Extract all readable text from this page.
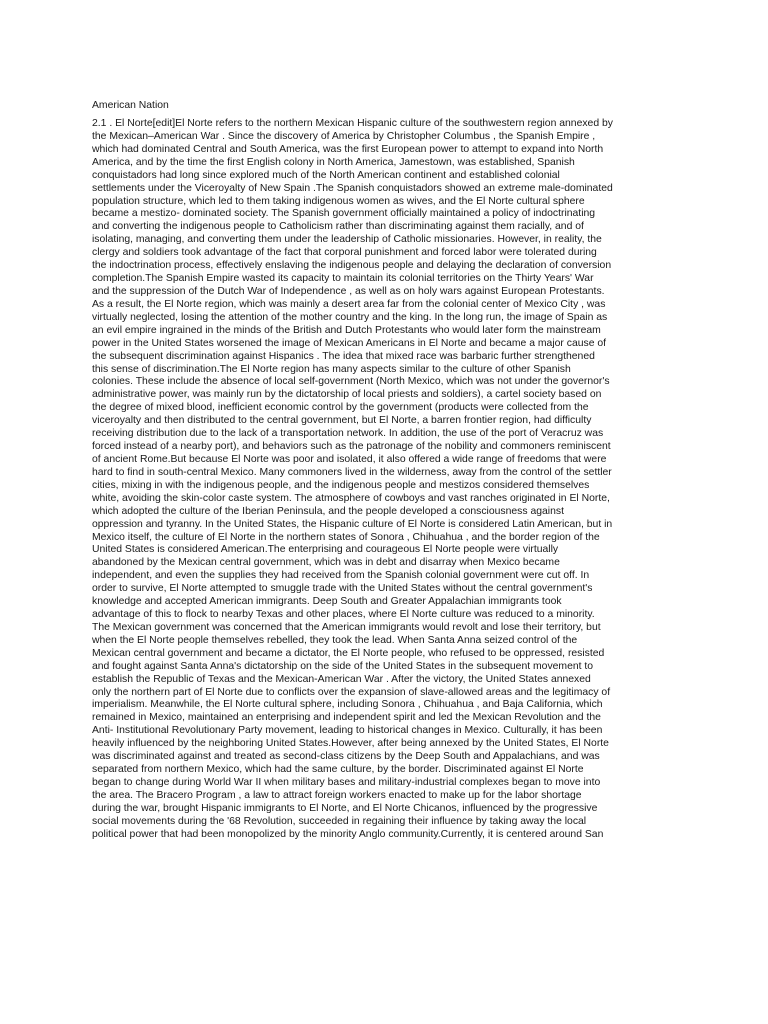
American Nation
2.1 . El Norte[edit]El Norte refers to the northern Mexican Hispanic culture of the southwestern region annexed by
the Mexican–American War . Since the discovery of America by Christopher Columbus , the Spanish Empire ,
which had dominated Central and South America, was the first European power to attempt to expand into North
America, and by the time the first English colony in North America, Jamestown, was established, Spanish
conquistadors had long since explored much of the North American continent and established colonial
settlements under the Viceroyalty of New Spain .The Spanish conquistadors showed an extreme male-dominated
population structure, which led to them taking indigenous women as wives, and the El Norte cultural sphere
became a mestizo- dominated society. The Spanish government officially maintained a policy of indoctrinating
and converting the indigenous people to Catholicism rather than discriminating against them racially, and of
isolating, managing, and converting them under the leadership of Catholic missionaries. However, in reality, the
clergy and soldiers took advantage of the fact that corporal punishment and forced labor were tolerated during
the indoctrination process, effectively enslaving the indigenous people and delaying the declaration of conversion
completion.The Spanish Empire wasted its capacity to maintain its colonial territories on the Thirty Years' War
and the suppression of the Dutch War of Independence , as well as on holy wars against European Protestants.
As a result, the El Norte region, which was mainly a desert area far from the colonial center of Mexico City , was
virtually neglected, losing the attention of the mother country and the king. In the long run, the image of Spain as
an evil empire ingrained in the minds of the British and Dutch Protestants who would later form the mainstream
power in the United States worsened the image of Mexican Americans in El Norte and became a major cause of
the subsequent discrimination against Hispanics . The idea that mixed race was barbaric further strengthened
this sense of discrimination.The El Norte region has many aspects similar to the culture of other Spanish
colonies. These include the absence of local self-government (North Mexico, which was not under the governor's
administrative power, was mainly run by the dictatorship of local priests and soldiers), a cartel society based on
the degree of mixed blood, inefficient economic control by the government (products were collected from the
viceroyalty and then distributed to the central government, but El Norte, a barren frontier region, had difficulty
receiving distribution due to the lack of a transportation network. In addition, the use of the port of Veracruz was
forced instead of a nearby port), and behaviors such as the patronage of the nobility and commoners reminiscent
of ancient Rome.But because El Norte was poor and isolated, it also offered a wide range of freedoms that were
hard to find in south-central Mexico. Many commoners lived in the wilderness, away from the control of the settler
cities, mixing in with the indigenous people, and the indigenous people and mestizos considered themselves
white, avoiding the skin-color caste system. The atmosphere of cowboys and vast ranches originated in El Norte,
which adopted the culture of the Iberian Peninsula, and the people developed a consciousness against
oppression and tyranny. In the United States, the Hispanic culture of El Norte is considered Latin American, but in
Mexico itself, the culture of El Norte in the northern states of Sonora , Chihuahua , and the border region of the
United States is considered American.The enterprising and courageous El Norte people were virtually
abandoned by the Mexican central government, which was in debt and disarray when Mexico became
independent, and even the supplies they had received from the Spanish colonial government were cut off. In
order to survive, El Norte attempted to smuggle trade with the United States without the central government's
knowledge and accepted American immigrants. Deep South and Greater Appalachian immigrants took
advantage of this to flock to nearby Texas and other places, where El Norte culture was reduced to a minority.
The Mexican government was concerned that the American immigrants would revolt and lose their territory, but
when the El Norte people themselves rebelled, they took the lead. When Santa Anna seized control of the
Mexican central government and became a dictator, the El Norte people, who refused to be oppressed, resisted
and fought against Santa Anna's dictatorship on the side of the United States in the subsequent movement to
establish the Republic of Texas and the Mexican-American War . After the victory, the United States annexed
only the northern part of El Norte due to conflicts over the expansion of slave-allowed areas and the legitimacy of
imperialism. Meanwhile, the El Norte cultural sphere, including Sonora , Chihuahua , and Baja California, which
remained in Mexico, maintained an enterprising and independent spirit and led the Mexican Revolution and the
Anti- Institutional Revolutionary Party movement, leading to historical changes in Mexico. Culturally, it has been
heavily influenced by the neighboring United States.However, after being annexed by the United States, El Norte
was discriminated against and treated as second-class citizens by the Deep South and Appalachians, and was
separated from northern Mexico, which had the same culture, by the border. Discriminated against El Norte
began to change during World War II when military bases and military-industrial complexes began to move into
the area. The Bracero Program , a law to attract foreign workers enacted to make up for the labor shortage
during the war, brought Hispanic immigrants to El Norte, and El Norte Chicanos, influenced by the progressive
social movements during the '68 Revolution, succeeded in regaining their influence by taking away the local
political power that had been monopolized by the minority Anglo community.Currently, it is centered around San
